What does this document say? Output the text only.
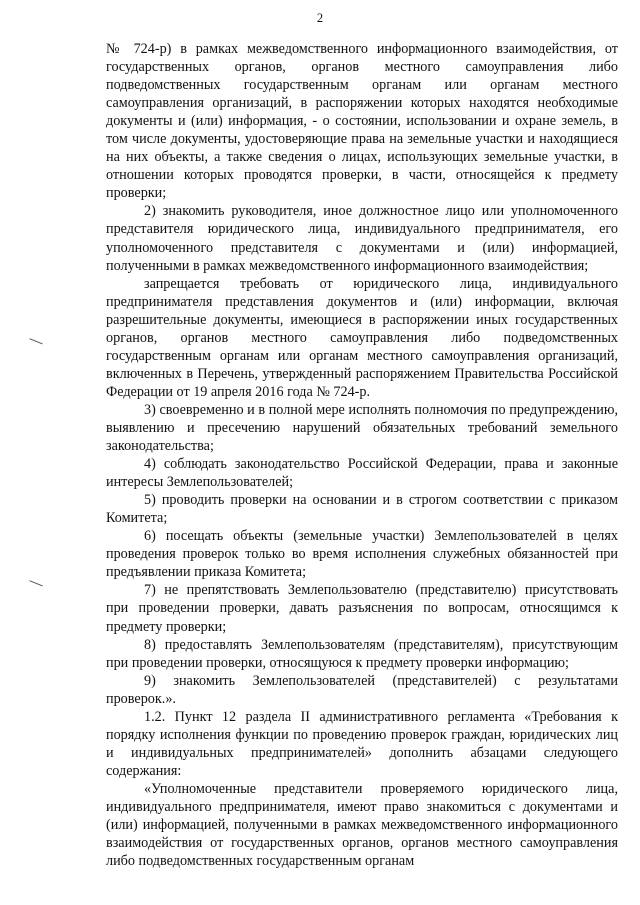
2

№ 724-р) в рамках межведомственного информационного взаимодействия, от государственных органов, органов местного самоуправления либо подведомственных государственным органам или органам местного самоуправления организаций, в распоряжении которых находятся необходимые документы и (или) информация, - о состоянии, использовании и охране земель, в том числе документы, удостоверяющие права на земельные участки и находящиеся на них объекты, а также сведения о лицах, использующих земельные участки, в отношении которых проводятся проверки, в части, относящейся к предмету проверки;

2) знакомить руководителя, иное должностное лицо или уполномоченного представителя юридического лица, индивидуального предпринимателя, его уполномоченного представителя с документами и (или) информацией, полученными в рамках межведомственного информационного взаимодействия;

запрещается требовать от юридического лица, индивидуального предпринимателя представления документов и (или) информации, включая разрешительные документы, имеющиеся в распоряжении иных государственных органов, органов местного самоуправления либо подведомственных государственным органам или органам местного самоуправления организаций, включенных в Перечень, утвержденный распоряжением Правительства Российской Федерации от 19 апреля 2016 года № 724-р.

3) своевременно и в полной мере исполнять полномочия по предупреждению, выявлению и пресечению нарушений обязательных требований земельного законодательства;

4) соблюдать законодательство Российской Федерации, права и законные интересы Землепользователей;

5) проводить проверки на основании и в строгом соответствии с приказом Комитета;

6) посещать объекты (земельные участки) Землепользователей в целях проведения проверок только во время исполнения служебных обязанностей при предъявлении приказа Комитета;

7) не препятствовать Землепользователю (представителю) присутствовать при проведении проверки, давать разъяснения по вопросам, относящимся к предмету проверки;

8) предоставлять Землепользователям (представителям), присутствующим при проведении проверки, относящуюся к предмету проверки информацию;

9) знакомить Землепользователей (представителей) с результатами проверок.».

1.2. Пункт 12 раздела II административного регламента «Требования к порядку исполнения функции по проведению проверок граждан, юридических лиц и индивидуальных предпринимателей» дополнить абзацами следующего содержания:

«Уполномоченные представители проверяемого юридического лица, индивидуального предпринимателя, имеют право знакомиться с документами и (или) информацией, полученными в рамках межведомственного информационного взаимодействия от государственных органов, органов местного самоуправления либо подведомственных государственным органам
